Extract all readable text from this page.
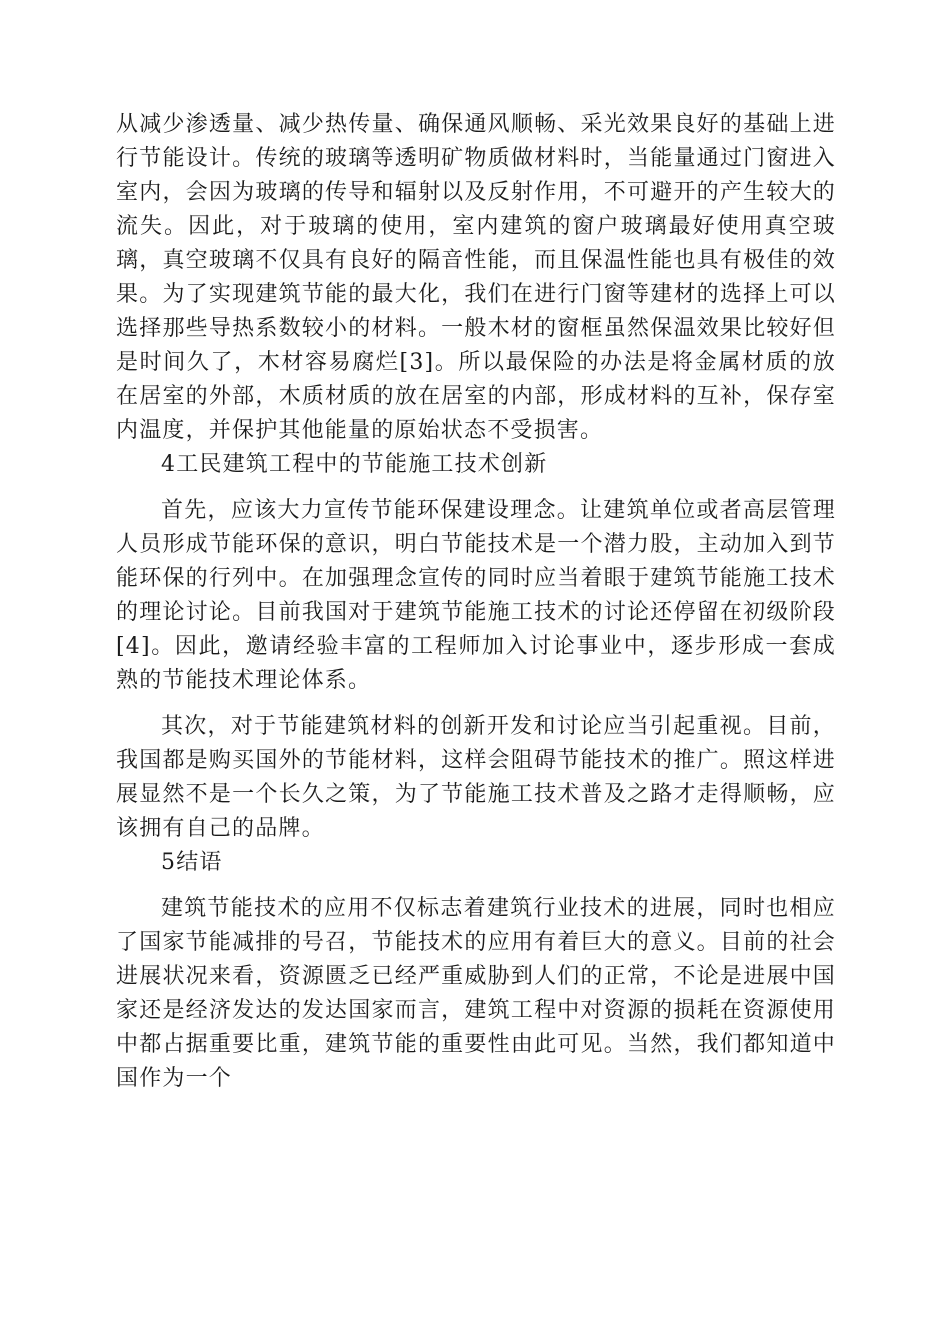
从减少渗透量、减少热传量、确保通风顺畅、采光效果良好的基础上进行节能设计。传统的玻璃等透明矿物质做材料时，当能量通过门窗进入室内，会因为玻璃的传导和辐射以及反射作用，不可避开的产生较大的流失。因此，对于玻璃的使用，室内建筑的窗户玻璃最好使用真空玻璃，真空玻璃不仅具有良好的隔音性能，而且保温性能也具有极佳的效果。为了实现建筑节能的最大化，我们在进行门窗等建材的选择上可以选择那些导热系数较小的材料。一般木材的窗框虽然保温效果比较好但是时间久了，木材容易腐烂[3]。所以最保险的办法是将金属材质的放在居室的外部，木质材质的放在居室的内部，形成材料的互补，保存室内温度，并保护其他能量的原始状态不受损害。

4工民建筑工程中的节能施工技术创新

首先，应该大力宣传节能环保建设理念。让建筑单位或者高层管理人员形成节能环保的意识，明白节能技术是一个潜力股，主动加入到节能环保的行列中。在加强理念宣传的同时应当着眼于建筑节能施工技术的理论讨论。目前我国对于建筑节能施工技术的讨论还停留在初级阶段[4]。因此，邀请经验丰富的工程师加入讨论事业中，逐步形成一套成熟的节能技术理论体系。

其次，对于节能建筑材料的创新开发和讨论应当引起重视。目前，我国都是购买国外的节能材料，这样会阻碍节能技术的推广。照这样进展显然不是一个长久之策，为了节能施工技术普及之路才走得顺畅，应该拥有自己的品牌。

5结语

建筑节能技术的应用不仅标志着建筑行业技术的进展，同时也相应了国家节能减排的号召，节能技术的应用有着巨大的意义。目前的社会进展状况来看，资源匮乏已经严重威胁到人们的正常，不论是进展中国家还是经济发达的发达国家而言，建筑工程中对资源的损耗在资源使用中都占据重要比重，建筑节能的重要性由此可见。当然，我们都知道中国作为一个
